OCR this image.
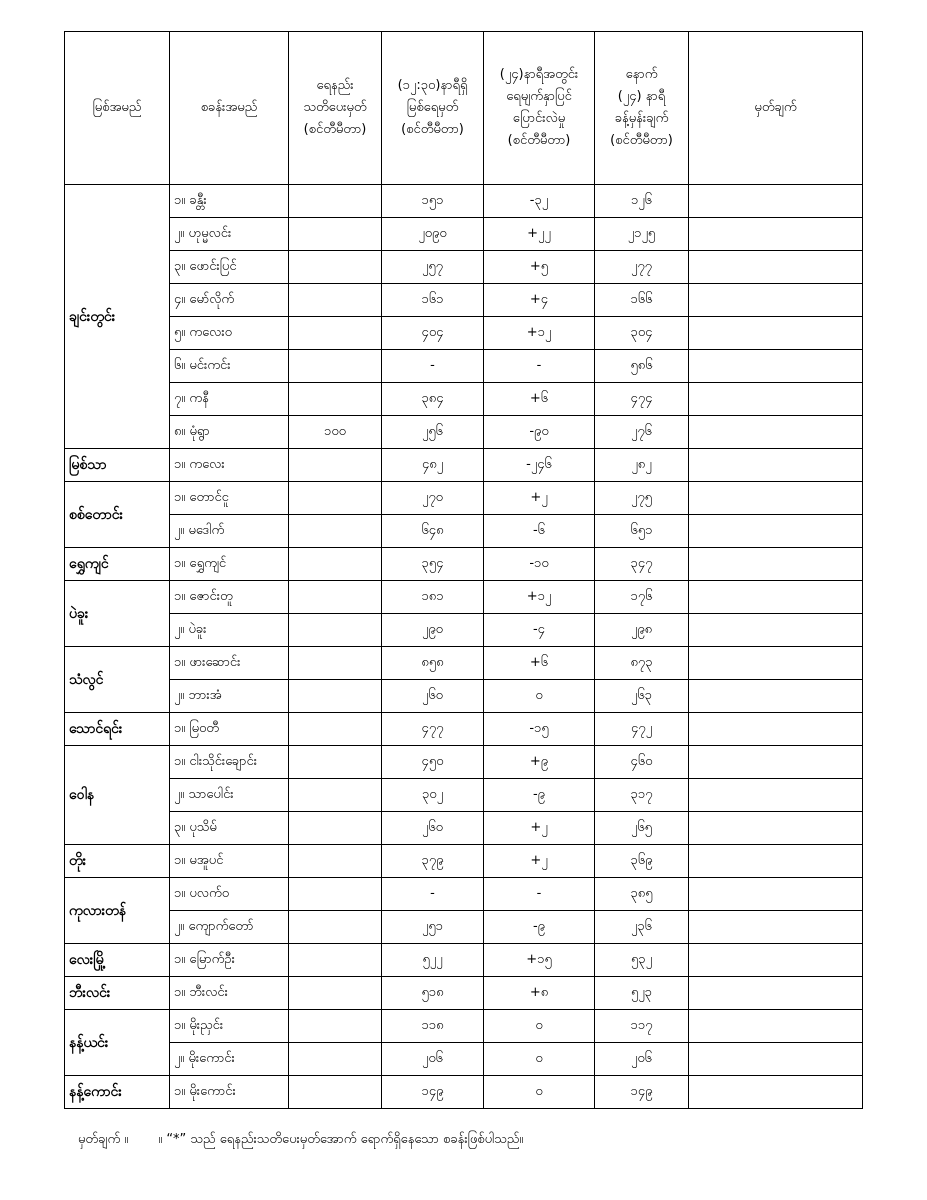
မြစ်အမည်	စခန်းအမည်	ရေနည်း
သတိပေးမှတ်
(စင်တီမီတာ)	(၁၂:၃၀)နာရီရှိ
မြစ်ရေမှတ်
(စင်တီမီတာ)	(၂၄)နာရီအတွင်း
ရေမျက်နှာပြင်
ပြောင်းလဲမှု
(စင်တီမီတာ)	နောက်
(၂၄) နာရီ
ခန့်မှန်းချက်
(စင်တီမီတာ)	မှတ်ချက်
ချင်းတွင်း	၁။ ခန္တီး		၁၅၁	-၃၂	၁၂၆	
	၂။ ဟုမ္မလင်း		၂၀၉၀	+၂၂	၂၁၂၅	
	၃။ ဖောင်းပြင်		၂၅၇	+၅	၂၇၇	
	၄။ မော်လိုက်		၁၆၁	+၄	၁၆၆	
	၅။ ကလေးဝ		၄၀၄	+၁၂	၃၀၄	
	၆။ မင်းကင်း		-	-	၅၈၆	
	၇။ ကနီ		၃၈၄	+၆	၄၇၄	
	၈။ မုံရွာ	၁၀၀	၂၅၆	-၉၀	၂၇၆	
မြစ်သာ	၁။ ကလေး		၄၈၂	-၂၄၆	၂၈၂	
စစ်တောင်း	၁။ တောင်ငူ		၂၇၀	+၂	၂၇၅	
	၂။ မဒေါက်		၆၄၈	-၆	၆၅၁	
ရွှေကျင်	၁။ ရွှေကျင်		၃၅၄	-၁၀	၃၄၇	
ပဲခူး	၁။ ဇောင်းတူ		၁၈၁	+၁၂	၁၇၆	
	၂။ ပဲခူး		၂၉၀	-၄	၂၉၈	
သံလွင်	၁။ ဖားဆောင်း		၈၅၈	+၆	၈၇၃	
	၂။ ဘားအံ		၂၆၀	၀	၂၆၃	
သောင်ရင်း	၁။ မြဝတီ		၄၇၇	-၁၅	၄၇၂	
ဝေါန	၁။ ငါးသိုင်းချောင်း		၄၅၀	+၉	၄၆၀	
	၂။ သာပေါင်း		၃၀၂	-၉	၃၁၇	
	၃။ ပုသိမ်		၂၆၀	+၂	၂၆၅	
တိုး	၁။ မအူပင်		၃၇၉	+၂	၃၆၉	
ကုလားတန်	၁။ ပလက်ဝ		-	-	၃၈၅	
	၂။ ကျောက်တော်		၂၅၁	-၉	၂၃၆	
လေးမြို့	၁။ မြောက်ဦး		၅၂၂	+၁၅	၅၃၂	
ဘီးလင်း	၁။ ဘီးလင်း		၅၁၈	+၈	၅၂၃	
နန့်ယင်း	၁။ မိုးညှင်း		၁၁၈	၀	၁၁၇	
	၂။ မိုးကောင်း		၂၀၆	၀	၂၀၆	
နန့်ကောင်း	၁။ မိုးကောင်း		၁၄၉	၀	၁၄၉	
မှတ်ချက် ။ ။ “*” သည် ရေနည်းသတိပေးမှတ်အောက် ရောက်ရှိနေသော စခန်းဖြစ်ပါသည်။
